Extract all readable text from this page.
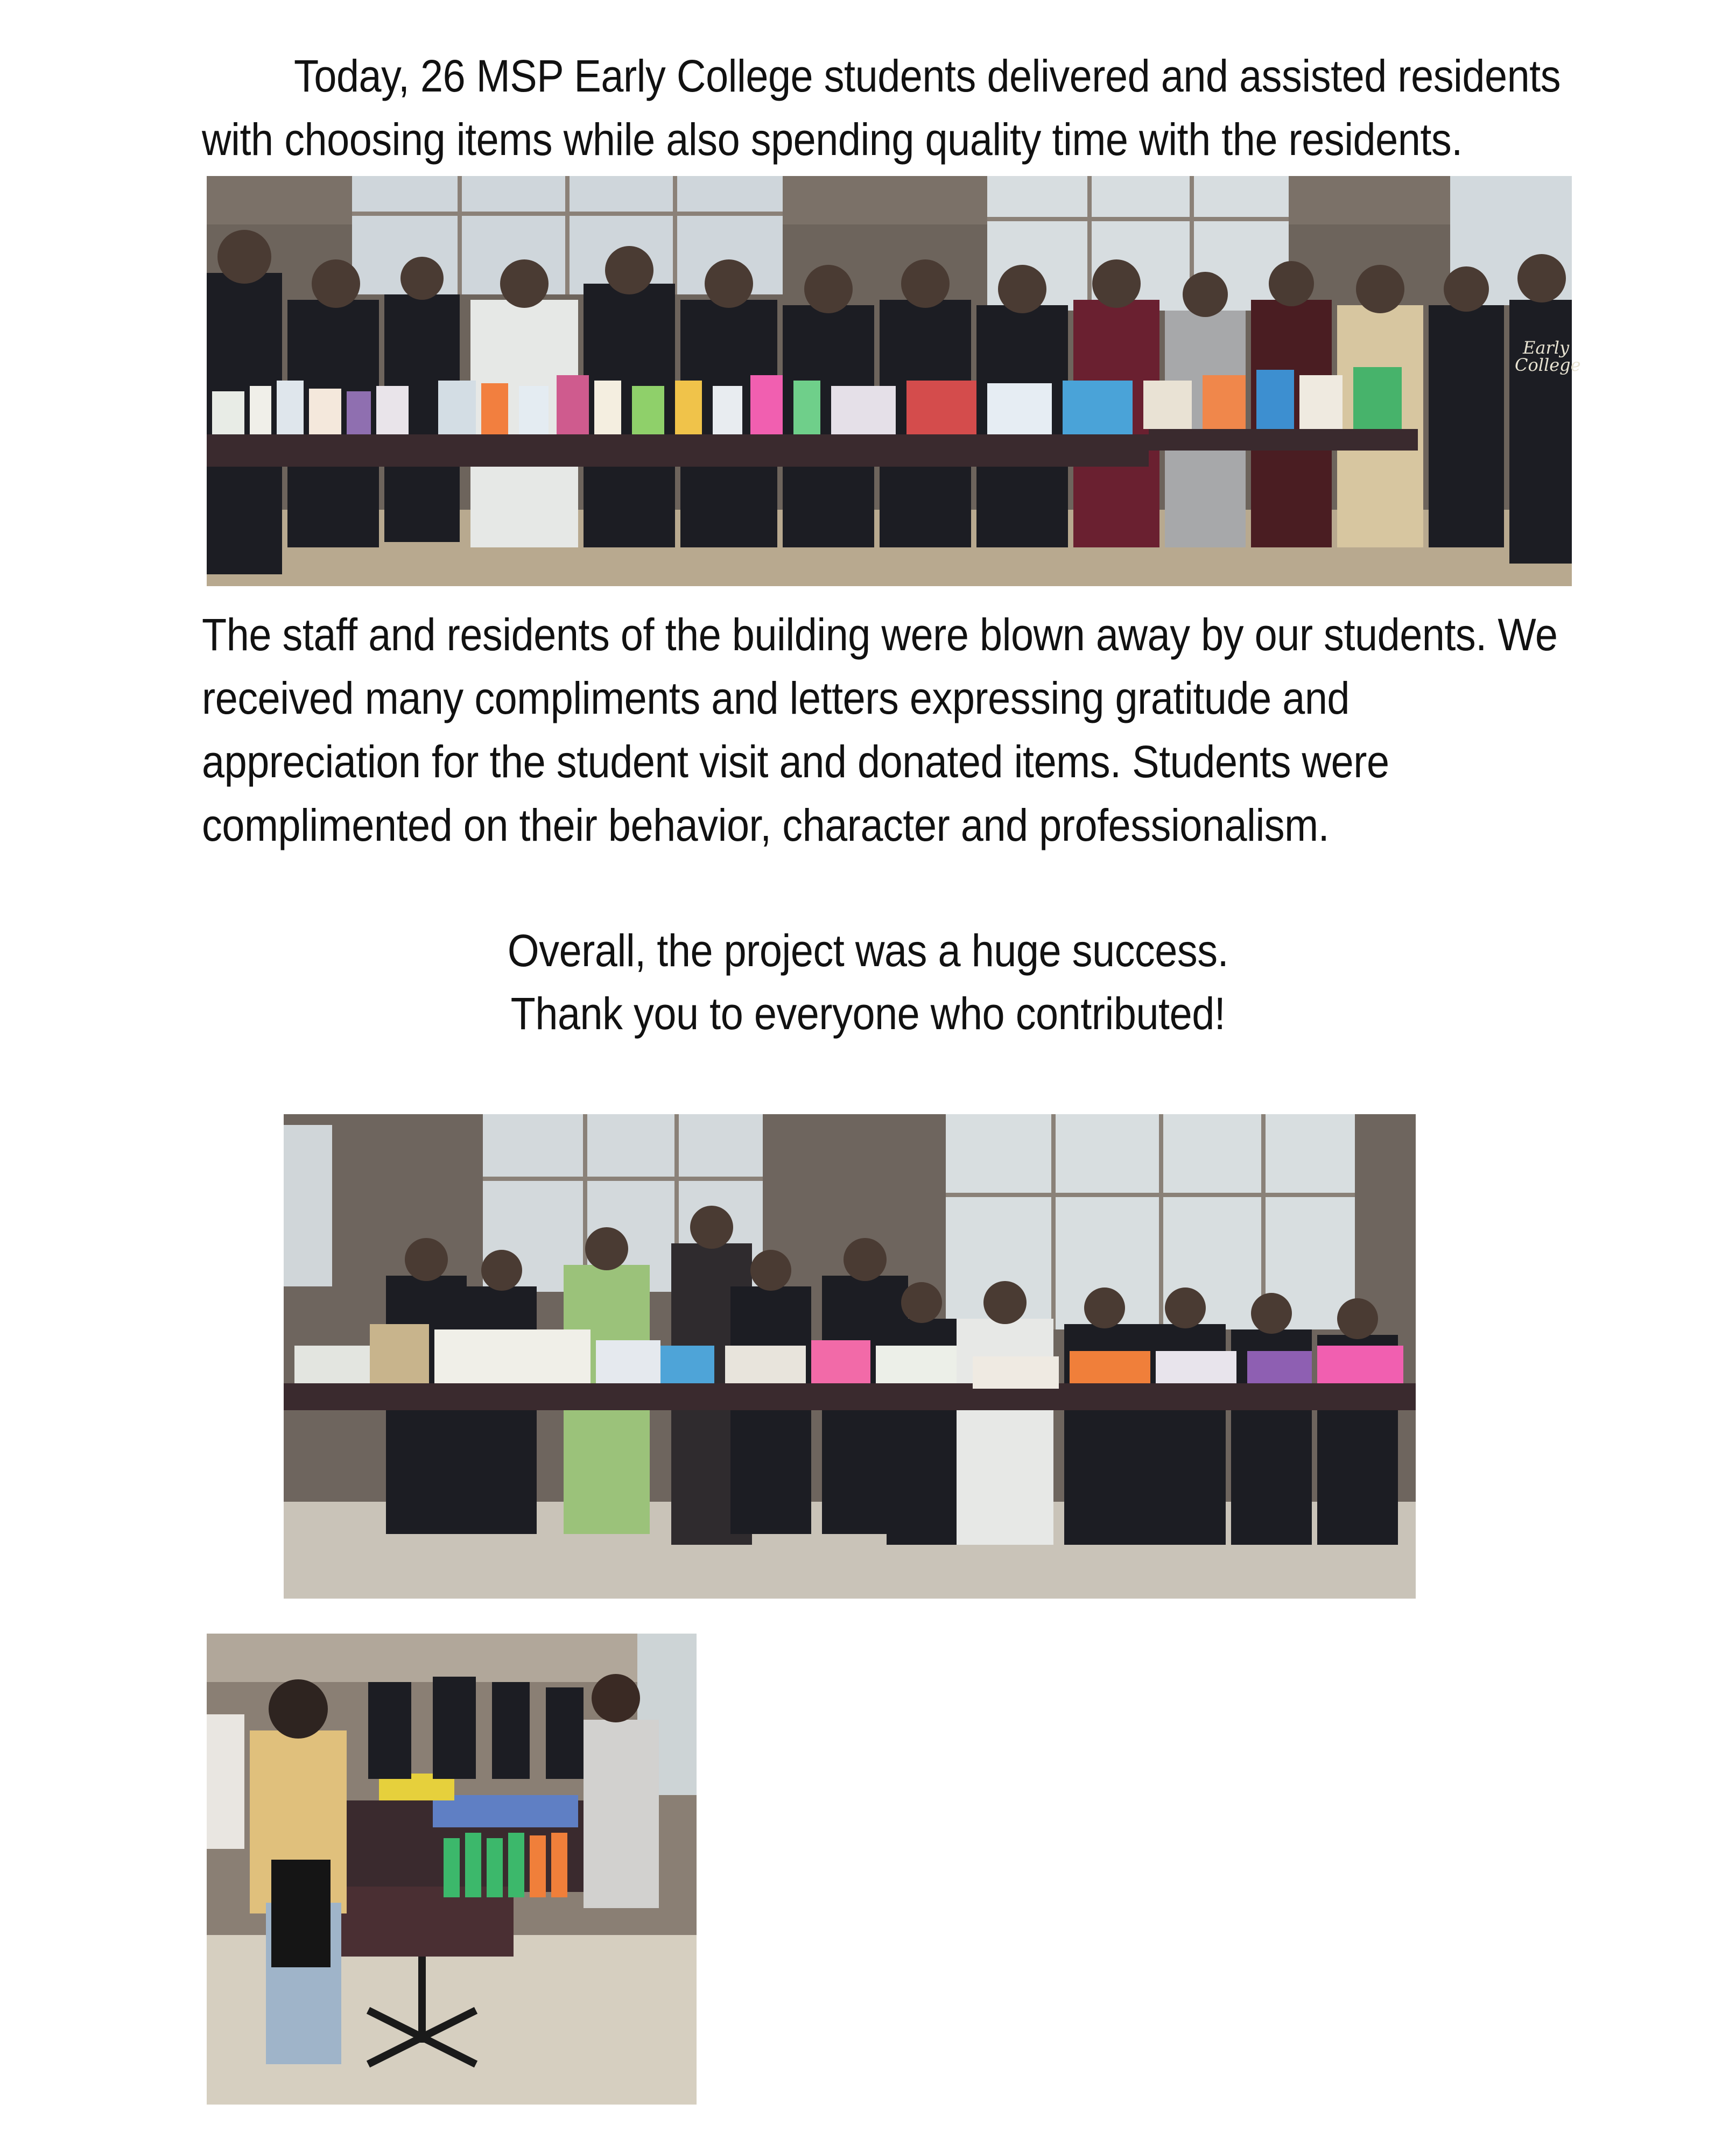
Today, 26 MSP Early College students delivered and assisted residents with choosing items while also spending quality time with the residents.
Early
College
The staff and residents of the building were blown away by our students. We received many compliments and letters expressing gratitude and appreciation for the student visit and donated items. Students were complimented on their behavior, character and professionalism.
Overall, the project was a huge success.
Thank you to everyone who contributed!
